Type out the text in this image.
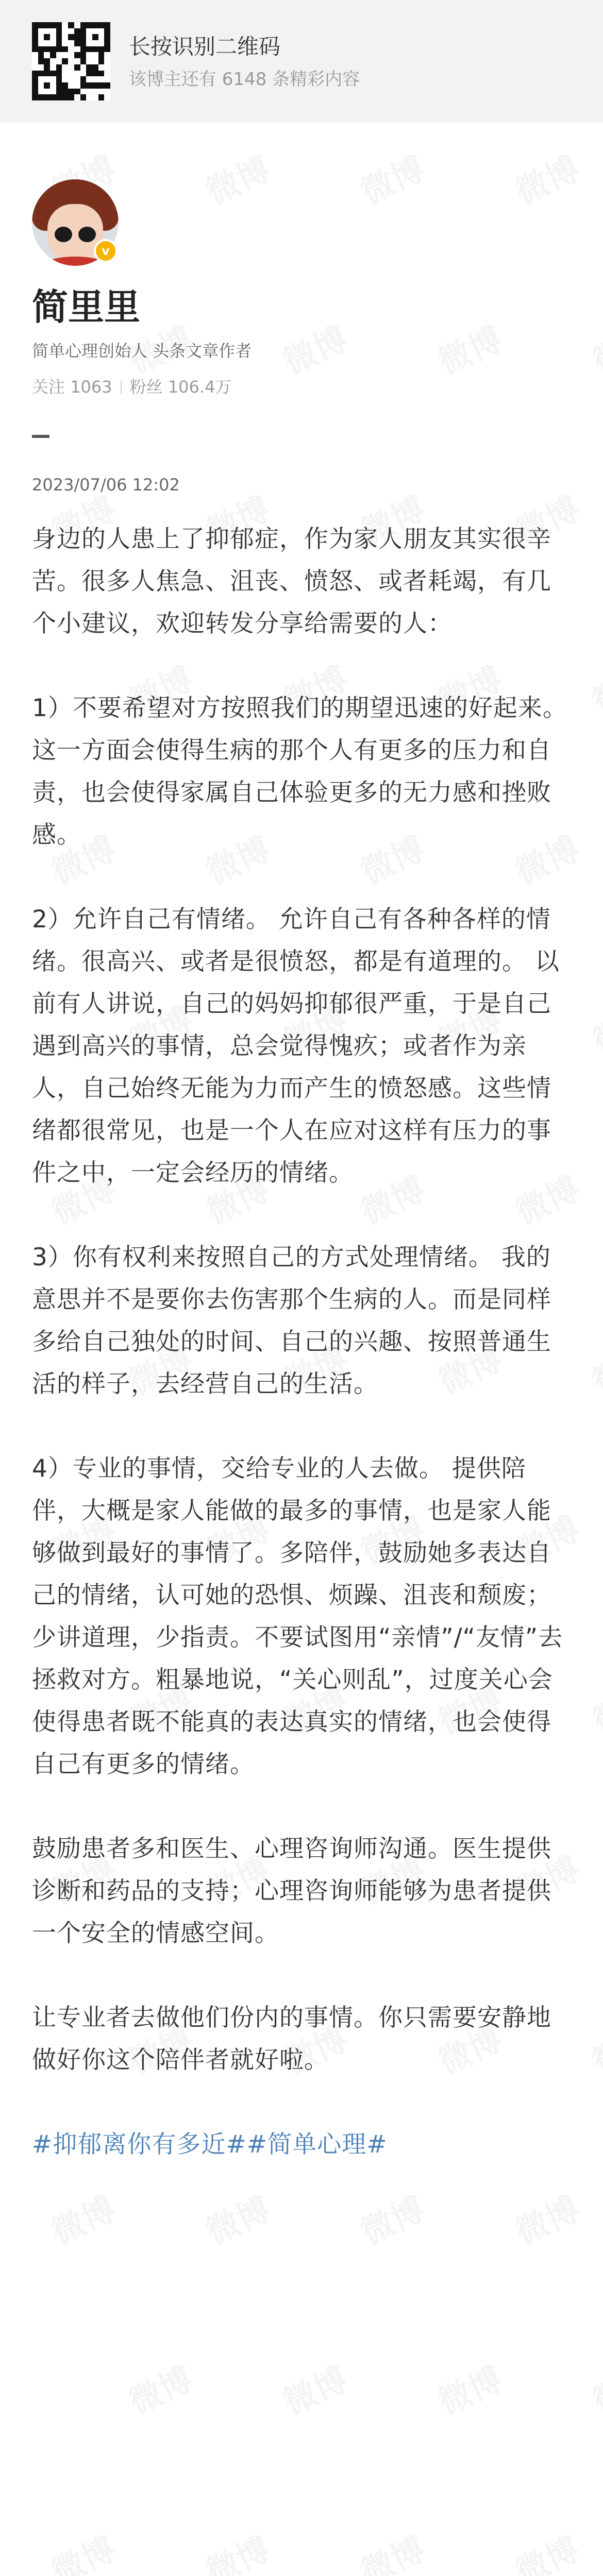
长按识别二维码
该博主还有 6148 条精彩内容
v
简里里
简单心理创始人 头条文章作者
关注 1063 粉丝 106.4万
2023/07/06 12:02

身边的人患上了抑郁症，作为家人朋友其实很辛苦。很多人焦急、沮丧、愤怒、或者耗竭，有几个小建议，欢迎转发分享给需要的人：

1）不要希望对方按照我们的期望迅速的好起来。这一方面会使得生病的那个人有更多的压力和自责，也会使得家属自己体验更多的无力感和挫败感。

2）允许自己有情绪。 允许自己有各种各样的情绪。很高兴、或者是很愤怒，都是有道理的。 以前有人讲说，自己的妈妈抑郁很严重，于是自己遇到高兴的事情，总会觉得愧疚；或者作为亲人，自己始终无能为力而产生的愤怒感。这些情绪都很常见，也是一个人在应对这样有压力的事件之中，一定会经历的情绪。

3）你有权利来按照自己的方式处理情绪。 我的意思并不是要你去伤害那个生病的人。而是同样多给自己独处的时间、自己的兴趣、按照普通生活的样子，去经营自己的生活。

4）专业的事情，交给专业的人去做。 提供陪伴，大概是家人能做的最多的事情，也是家人能够做到最好的事情了。多陪伴，鼓励她多表达自己的情绪，认可她的恐惧、烦躁、沮丧和颓废；少讲道理，少指责。不要试图用“亲情”/“友情”去拯救对方。粗暴地说，“关心则乱”，过度关心会使得患者既不能真的表达真实的情绪，也会使得自己有更多的情绪。

鼓励患者多和医生、心理咨询师沟通。医生提供诊断和药品的支持；心理咨询师能够为患者提供一个安全的情感空间。

让专业者去做他们份内的事情。你只需要安静地做好你这个陪伴者就好啦。

#抑郁离你有多近##简单心理#
